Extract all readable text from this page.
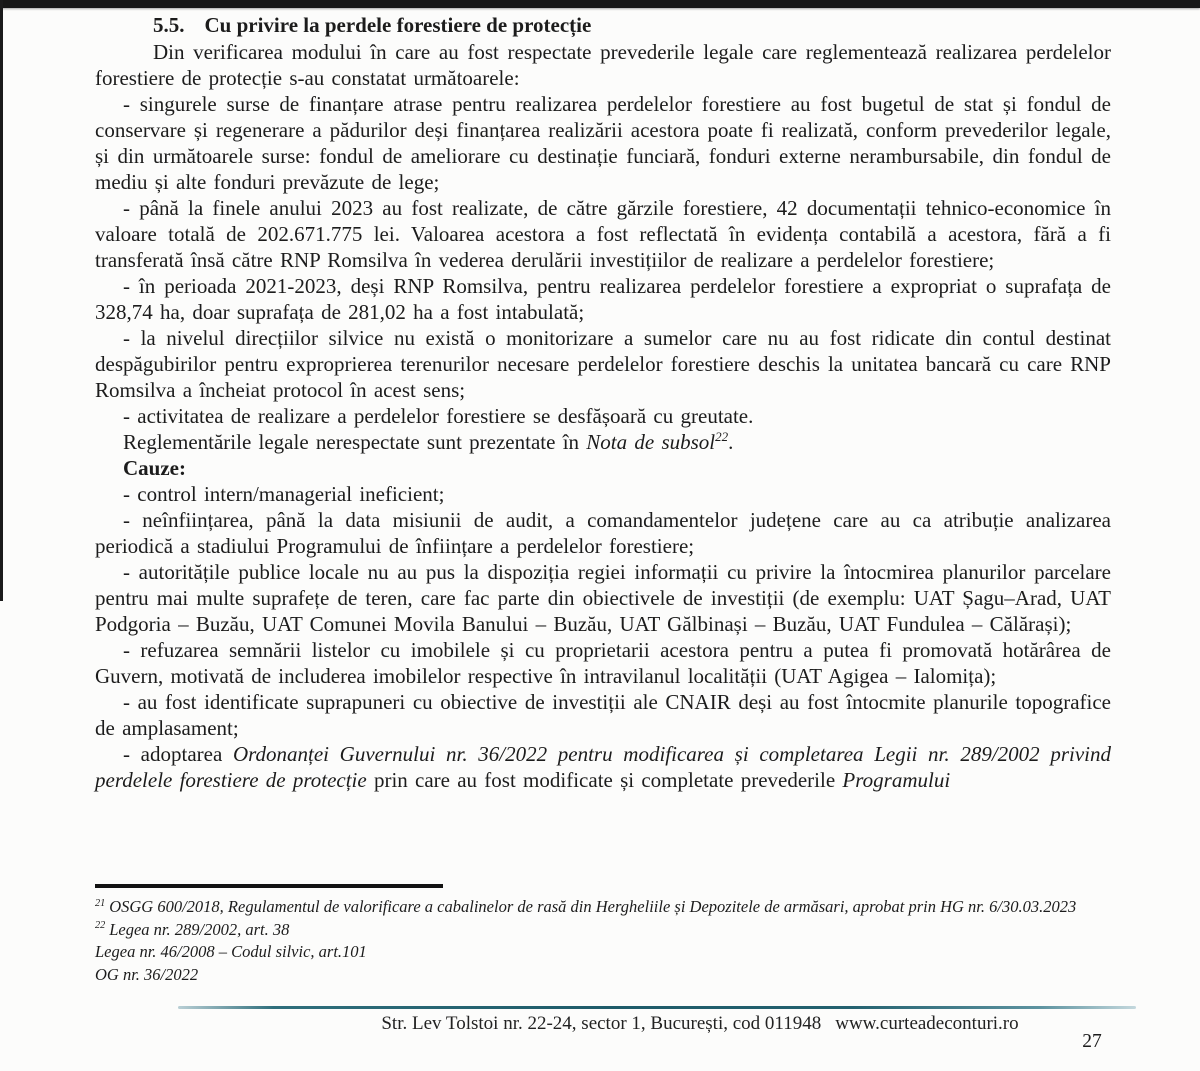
5.5. Cu privire la perdele forestiere de protecție

Din verificarea modului în care au fost respectate prevederile legale care reglementează realizarea perdelelor forestiere de protecție s-au constatat următoarele:

- singurele surse de finanțare atrase pentru realizarea perdelelor forestiere au fost bugetul de stat și fondul de conservare și regenerare a pădurilor deși finanțarea realizării acestora poate fi realizată, conform prevederilor legale, și din următoarele surse: fondul de ameliorare cu destinație funciară, fonduri externe nerambursabile, din fondul de mediu și alte fonduri prevăzute de lege;

- până la finele anului 2023 au fost realizate, de către gărzile forestiere, 42 documentații tehnico-economice în valoare totală de 202.671.775 lei. Valoarea acestora a fost reflectată în evidența contabilă a acestora, fără a fi transferată însă către RNP Romsilva în vederea derulării investițiilor de realizare a perdelelor forestiere;

- în perioada 2021-2023, deși RNP Romsilva, pentru realizarea perdelelor forestiere a expropriat o suprafața de 328,74 ha, doar suprafața de 281,02 ha a fost intabulată;

- la nivelul direcțiilor silvice nu există o monitorizare a sumelor care nu au fost ridicate din contul destinat despăgubirilor pentru exproprierea terenurilor necesare perdelelor forestiere deschis la unitatea bancară cu care RNP Romsilva a încheiat protocol în acest sens;

- activitatea de realizare a perdelelor forestiere se desfășoară cu greutate.

Reglementările legale nerespectate sunt prezentate în Nota de subsol$^{22}$.

Cauze:

- control intern/managerial ineficient;

- neînființarea, până la data misiunii de audit, a comandamentelor județene care au ca atribuție analizarea periodică a stadiului Programului de înființare a perdelelor forestiere;

- autoritățile publice locale nu au pus la dispoziția regiei informații cu privire la întocmirea planurilor parcelare pentru mai multe suprafețe de teren, care fac parte din obiectivele de investiții (de exemplu: UAT Șagu–Arad, UAT Podgoria – Buzău, UAT Comunei Movila Banului – Buzău, UAT Gălbinași – Buzău, UAT Fundulea – Călărași);

- refuzarea semnării listelor cu imobilele și cu proprietarii acestora pentru a putea fi promovată hotărârea de Guvern, motivată de includerea imobilelor respective în intravilanul localității (UAT Agigea – Ialomița);

- au fost identificate suprapuneri cu obiective de investiții ale CNAIR deși au fost întocmite planurile topografice de amplasament;

- adoptarea Ordonanței Guvernului nr. 36/2022 pentru modificarea și completarea Legii nr. 289/2002 privind perdelele forestiere de protecție prin care au fost modificate și completate prevederile Programului

$^{21}$ OSGG 600/2018, Regulamentul de valorificare a cabalinelor de rasă din Hergheliile și Depozitele de armăsari, aprobat prin HG nr. 6/30.03.2023

$^{22}$ Legea nr. 289/2002, art. 38

Legea nr. 46/2008 – Codul silvic, art.101

OG nr. 36/2022

Str. Lev Tolstoi nr. 22-24, sector 1, București, cod 011948 www.curteadeconturi.ro
27
